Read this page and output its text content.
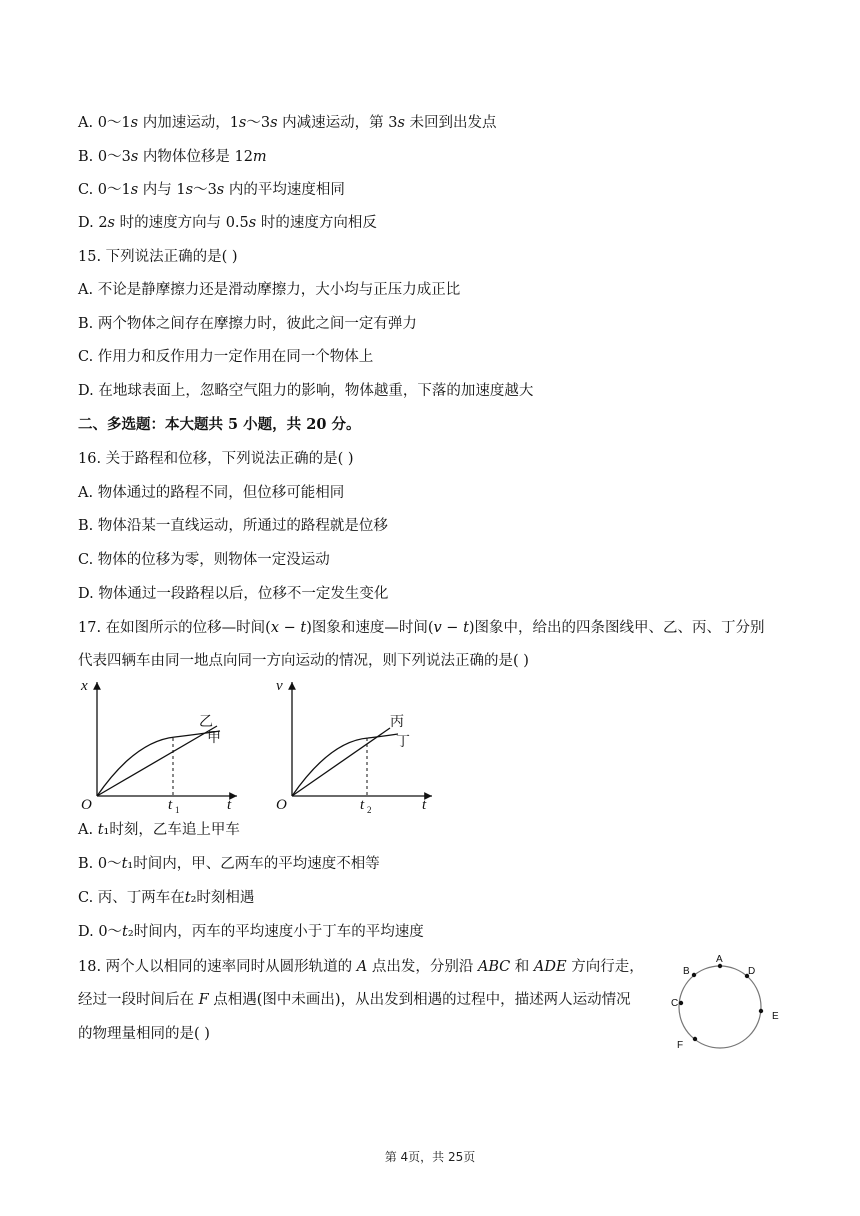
A. 0～1𝑠 内加速运动，1𝑠～3𝑠 内减速运动，第 3𝑠 未回到出发点
B. 0～3𝑠 内物体位移是 12𝑚
C. 0～1𝑠 内与 1𝑠～3𝑠 内的平均速度相同
D. 2𝑠 时的速度方向与 0.5𝑠 时的速度方向相反
15. 下列说法正确的是( )
A. 不论是静摩擦力还是滑动摩擦力，大小均与正压力成正比
B. 两个物体之间存在摩擦力时，彼此之间一定有弹力
C. 作用力和反作用力一定作用在同一个物体上
D. 在地球表面上，忽略空气阻力的影响，物体越重，下落的加速度越大
二、多选题：本大题共 5 小题，共 20 分。
16. 关于路程和位移，下列说法正确的是( )
A. 物体通过的路程不同，但位移可能相同
B. 物体沿某一直线运动，所通过的路程就是位移
C. 物体的位移为零，则物体一定没运动
D. 物体通过一段路程以后，位移不一定发生变化
17. 在如图所示的位移—时间(𝑥 − 𝑡)图象和速度—时间(𝑣 − 𝑡)图象中，给出的四条图线甲、乙、丙、丁分别
代表四辆车由同一地点向同一方向运动的情况，则下列说法正确的是( )
A. 𝑡₁时刻，乙车追上甲车
B. 0～𝑡₁时间内，甲、乙两车的平均速度不相等
C. 丙、丁两车在𝑡₂时刻相遇
D. 0～𝑡₂时间内，丙车的平均速度小于丁车的平均速度
18. 两个人以相同的速率同时从圆形轨道的 𝐴 点出发，分别沿 𝐴𝐵𝐶 和 𝐴𝐷𝐸 方向行走，
经过一段时间后在 𝐹 点相遇(图中未画出)，从出发到相遇的过程中，描述两人运动情况
的物理量相同的是( )
x
O	t
t 1
乙
甲
v
O	t
t 2
丙
丁
A
B
C
D
E
F
第 4页，共 25页
